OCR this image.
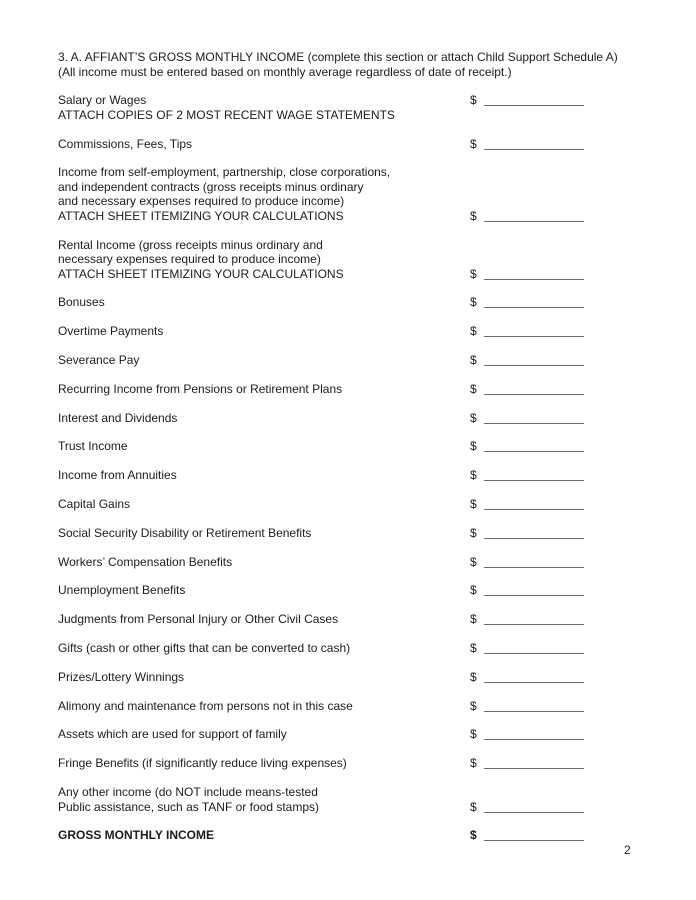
3. A. AFFIANT’S GROSS MONTHLY INCOME (complete this section or attach Child Support Schedule A)
(All income must be entered based on monthly average regardless of date of receipt.)
Salary or Wages	$
ATTACH COPIES OF 2 MOST RECENT WAGE STATEMENTS
Commissions, Fees, Tips	$
Income from self-employment, partnership, close corporations,
and independent contracts (gross receipts minus ordinary
and necessary expenses required to produce income)
ATTACH SHEET ITEMIZING YOUR CALCULATIONS	$
Rental Income (gross receipts minus ordinary and
necessary expenses required to produce income)
ATTACH SHEET ITEMIZING YOUR CALCULATIONS	$
Bonuses	$
Overtime Payments	$
Severance Pay	$
Recurring Income from Pensions or Retirement Plans	$
Interest and Dividends	$
Trust Income	$
Income from Annuities	$
Capital Gains	$
Social Security Disability or Retirement Benefits	$
Workers’ Compensation Benefits	$
Unemployment Benefits	$
Judgments from Personal Injury or Other Civil Cases	$
Gifts (cash or other gifts that can be converted to cash)	$
Prizes/Lottery Winnings	$
Alimony and maintenance from persons not in this case	$
Assets which are used for support of family	$
Fringe Benefits (if significantly reduce living expenses)	$
Any other income (do NOT include means-tested
Public assistance, such as TANF or food stamps)	$
GROSS MONTHLY INCOME	$
2
